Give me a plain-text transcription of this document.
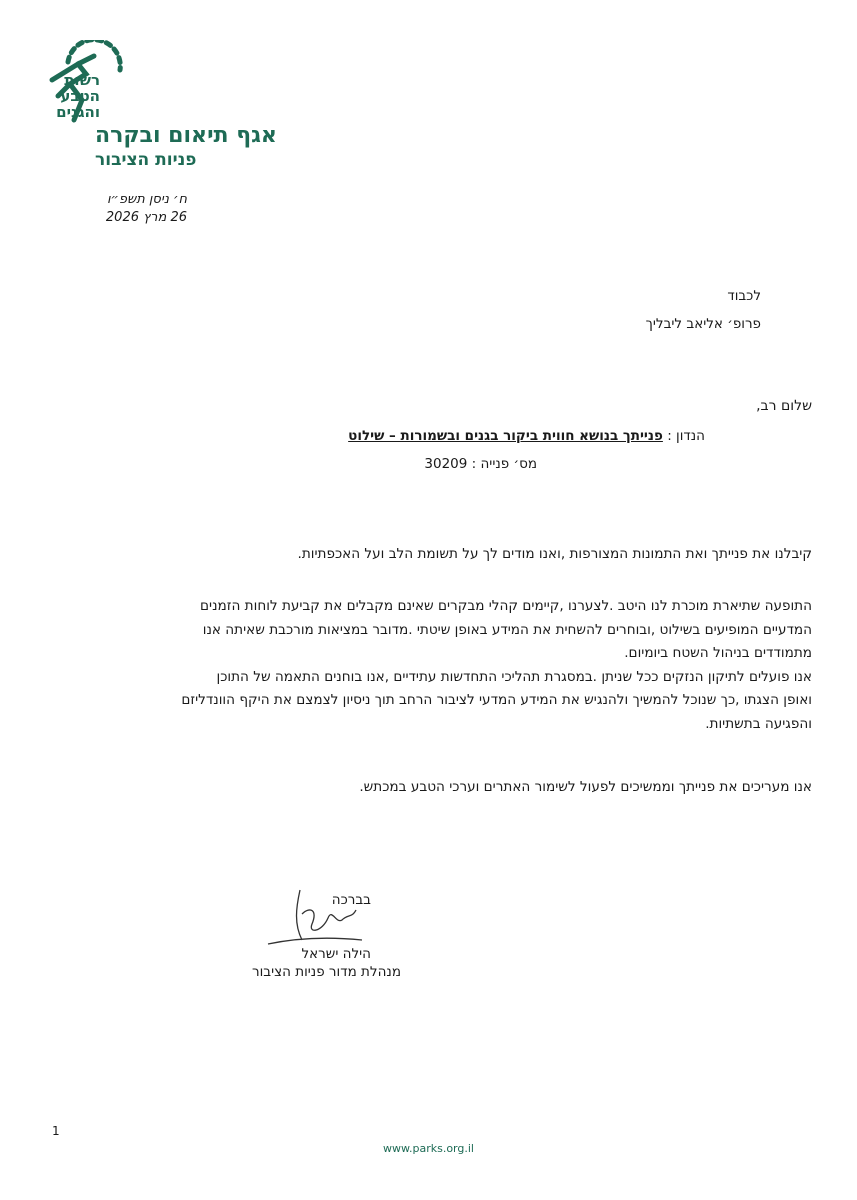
רשות
הטבע
והגנים
אגף תיאום ובקרה
פניות הציבור
ח׳ ניסן תשפ״ו
26 מרץ 2026
לכבוד
פרופ׳ אליאב ליבליך
שלום רב,
הנדון : פנייתך בנושא חווית ביקור בגנים ובשמורות – שילוט
מס׳ פנייה : 30209
קיבלנו את פנייתך ואת התמונות המצורפות ,ואנו מודים לך על תשומת הלב ועל האכפתיות.
התופעה שתיארת מוכרת לנו היטב .לצערנו ,קיימים קהלי מבקרים שאינם מקבלים את קביעת לוחות הזמנים
המדעיים המופיעים בשילוט ,ובוחרים להשחית את המידע באופן שיטתי .מדובר במציאות מורכבת שאיתה אנו
מתמודדים בניהול השטח ביומיום.
אנו פועלים לתיקון הנזקים ככל שניתן .במסגרת תהליכי התחדשות עתידיים ,אנו בוחנים התאמה של התוכן
ואופן הצגתו ,כך שנוכל להמשיך ולהנגיש את המידע המדעי לציבור הרחב תוך ניסיון לצמצם את היקף הוונדליזם
והפגיעה בתשתיות.
אנו מעריכים את פנייתך וממשיכים לפעול לשימור האתרים וערכי הטבע במכתש.
בברכה
הילה ישראל
מנהלת מדור פניות הציבור
1
www.parks.org.il
